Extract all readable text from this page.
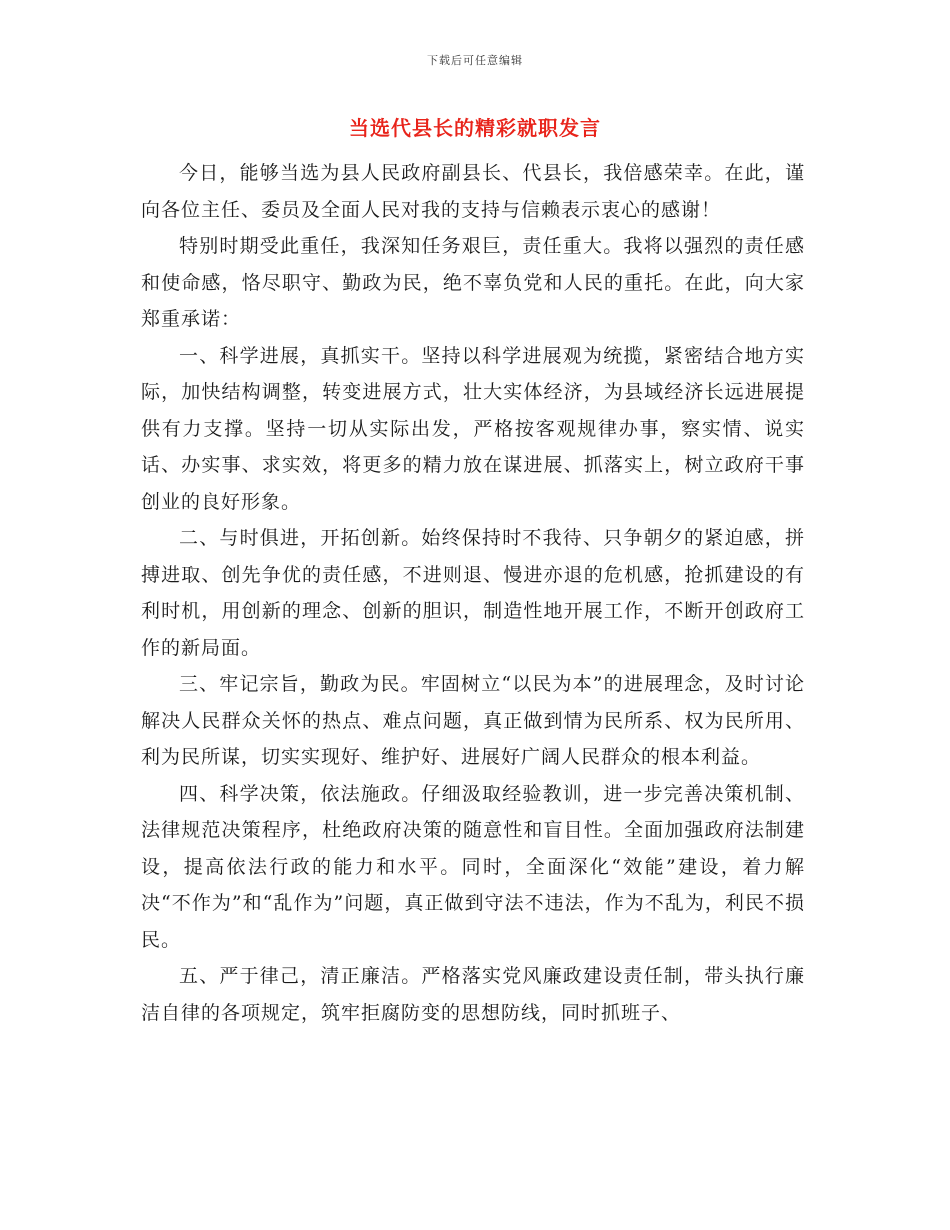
下载后可任意编辑
当选代县长的精彩就职发言

今日，能够当选为县人民政府副县长、代县长，我倍感荣幸。在此，谨向各位主任、委员及全面人民对我的支持与信赖表示衷心的感谢！

特别时期受此重任，我深知任务艰巨，责任重大。我将以强烈的责任感和使命感，恪尽职守、勤政为民，绝不辜负党和人民的重托。在此，向大家郑重承诺：

一、科学进展，真抓实干。坚持以科学进展观为统揽，紧密结合地方实际，加快结构调整，转变进展方式，壮大实体经济，为县域经济长远进展提供有力支撑。坚持一切从实际出发，严格按客观规律办事，察实情、说实话、办实事、求实效，将更多的精力放在谋进展、抓落实上，树立政府干事创业的良好形象。

二、与时俱进，开拓创新。始终保持时不我待、只争朝夕的紧迫感，拼搏进取、创先争优的责任感，不进则退、慢进亦退的危机感，抢抓建设的有利时机，用创新的理念、创新的胆识，制造性地开展工作，不断开创政府工作的新局面。

三、牢记宗旨，勤政为民。牢固树立“以民为本”的进展理念，及时讨论解决人民群众关怀的热点、难点问题，真正做到情为民所系、权为民所用、利为民所谋，切实实现好、维护好、进展好广阔人民群众的根本利益。

四、科学决策，依法施政。仔细汲取经验教训，进一步完善决策机制、法律规范决策程序，杜绝政府决策的随意性和盲目性。全面加强政府法制建设，提高依法行政的能力和水平。同时，全面深化“效能”建设，着力解决“不作为”和“乱作为”问题，真正做到守法不违法，作为不乱为，利民不损民。

五、严于律己，清正廉洁。严格落实党风廉政建设责任制，带头执行廉洁自律的各项规定，筑牢拒腐防变的思想防线，同时抓班子、
